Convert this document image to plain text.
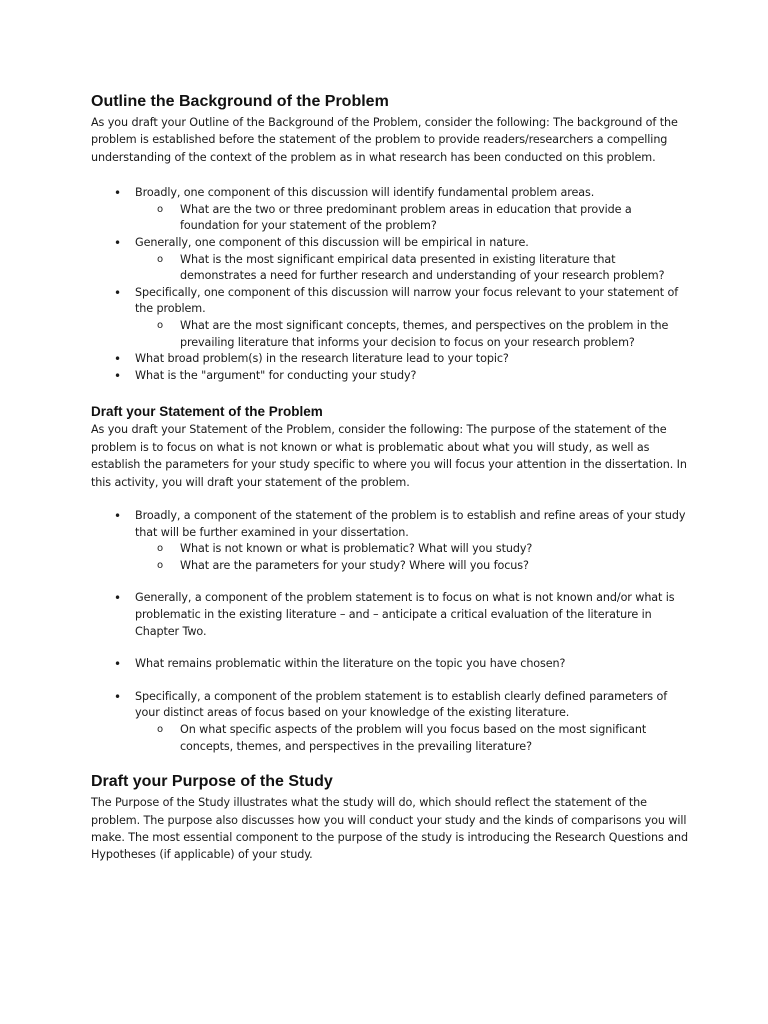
Outline the Background of the Problem

As you draft your Outline of the Background of the Problem, consider the following: The background of the problem is established before the statement of the problem to provide readers/researchers a compelling understanding of the context of the problem as in what research has been conducted on this problem.

• Broadly, one component of this discussion will identify fundamental problem areas.
o What are the two or three predominant problem areas in education that provide a foundation for your statement of the problem?
• Generally, one component of this discussion will be empirical in nature.
o What is the most significant empirical data presented in existing literature that demonstrates a need for further research and understanding of your research problem?
• Specifically, one component of this discussion will narrow your focus relevant to your statement of the problem.
o What are the most significant concepts, themes, and perspectives on the problem in the prevailing literature that informs your decision to focus on your research problem?
• What broad problem(s) in the research literature lead to your topic?
• What is the "argument" for conducting your study?
Draft your Statement of the Problem

As you draft your Statement of the Problem, consider the following: The purpose of the statement of the problem is to focus on what is not known or what is problematic about what you will study, as well as establish the parameters for your study specific to where you will focus your attention in the dissertation. In this activity, you will draft your statement of the problem.

• Broadly, a component of the statement of the problem is to establish and refine areas of your study that will be further examined in your dissertation.
o What is not known or what is problematic? What will you study?
o What are the parameters for your study? Where will you focus?
• Generally, a component of the problem statement is to focus on what is not known and/or what is problematic in the existing literature – and – anticipate a critical evaluation of the literature in Chapter Two.
• What remains problematic within the literature on the topic you have chosen?
• Specifically, a component of the problem statement is to establish clearly defined parameters of your distinct areas of focus based on your knowledge of the existing literature.
o On what specific aspects of the problem will you focus based on the most significant concepts, themes, and perspectives in the prevailing literature?
Draft your Purpose of the Study

The Purpose of the Study illustrates what the study will do, which should reflect the statement of the problem. The purpose also discusses how you will conduct your study and the kinds of comparisons you will make. The most essential component to the purpose of the study is introducing the Research Questions and Hypotheses (if applicable) of your study.
